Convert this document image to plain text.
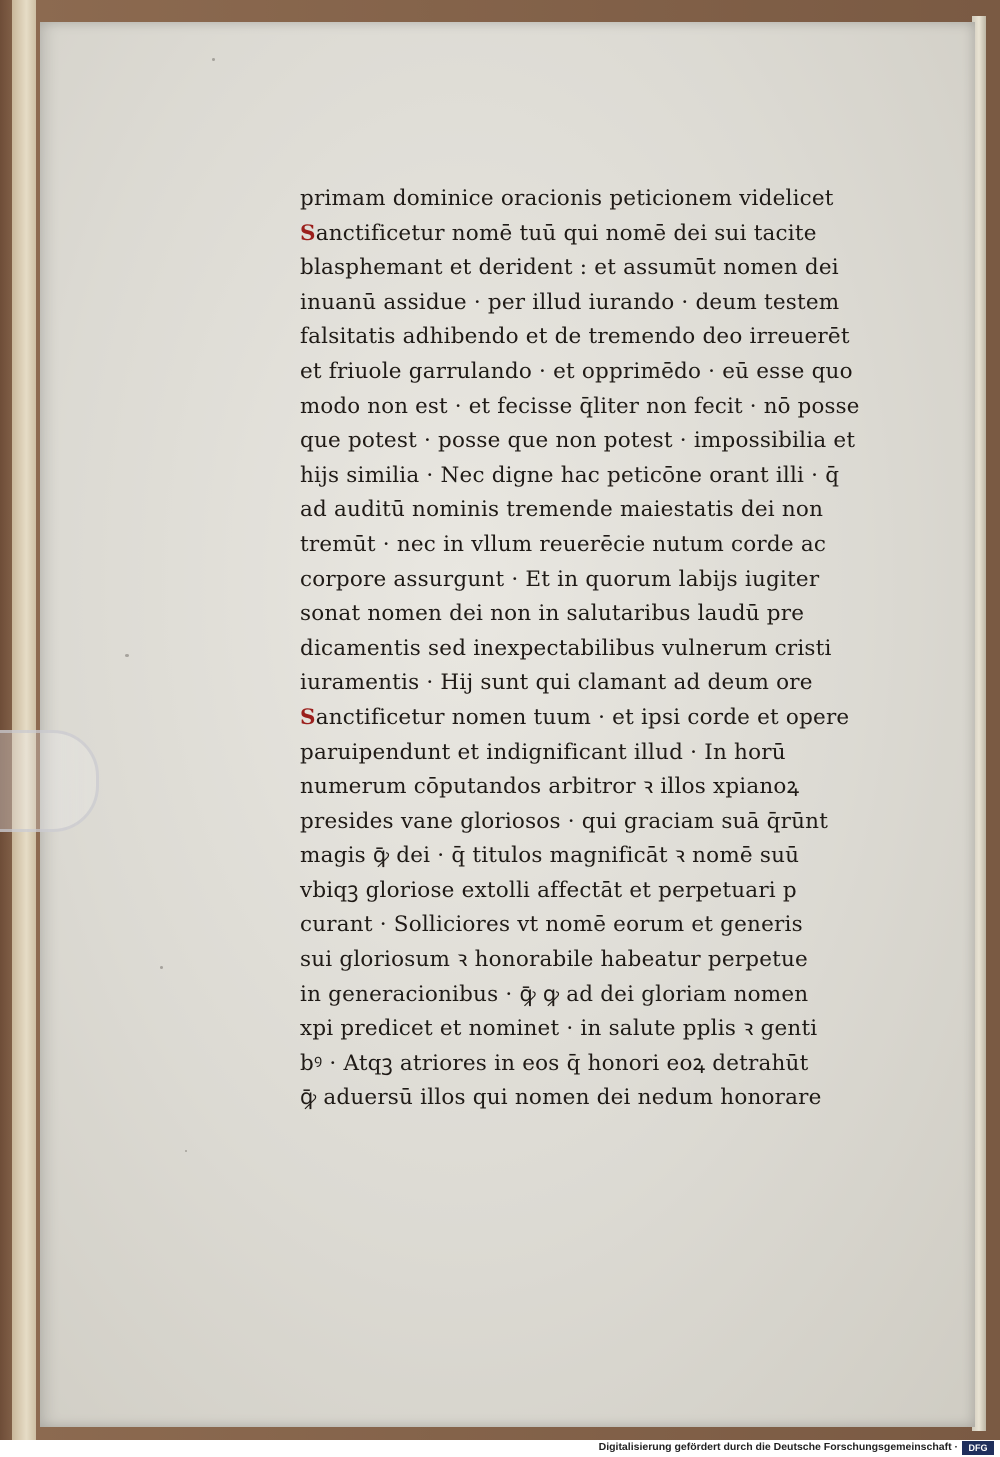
primam dominice oracionis peticionem videlicet
Sanctificetur nomē tuū qui nomē dei sui tacite
blasphemant et derident : et assumūt nomen dei
inuanū assidue · per illud iurando · deum testem
falsitatis adhibendo et de tremendo deo irreuerēt
et friuole garrulando · et opprimēdo · eū esse quo
modo non est · et fecisse q̄liter non fecit · nō posse
que potest · posse que non potest · impossibilia et
hijs similia · Nec digne hac peticōne orant illi · q̄
ad auditū nominis tremende maiestatis dei non
tremūt · nec in vllum reuerēcie nutum corde ac
corpore assurgunt · Et in quorum labijs iugiter
sonat nomen dei non in salutaribus laudū pre
dicamentis sed inexpectabilibus vulnerum cristi
iuramentis · Hij sunt qui clamant ad deum ore
Sanctificetur nomen tuum · et ipsi corde et opere
paruipendunt et indignificant illud · In horū
numerum cōputandos arbitror ꝛ illos xpianoꝝ
presides vane gloriosos · qui graciam suā q̄rūnt
magis ꝙ̄ dei · q̄ titulos magnificāt ꝛ nomē suū
vbiqꝫ gloriose extolli affectāt et perpetuari p
curant · Solliciores vt nomē eorum et generis
sui gloriosum ꝛ honorabile habeatur perpetue
in generacionibus · ꝙ̄ ꝙ ad dei gloriam nomen
xpi predicet et nominet · in salute pplis ꝛ genti
bꝰ · Atqꝫ atriores in eos q̄ honori eoꝝ detrahūt
ꝙ̄ aduersū illos qui nomen dei nedum honorare
Digitalisierung gefördert durch die Deutsche Forschungsgemeinschaft ·	DFG
